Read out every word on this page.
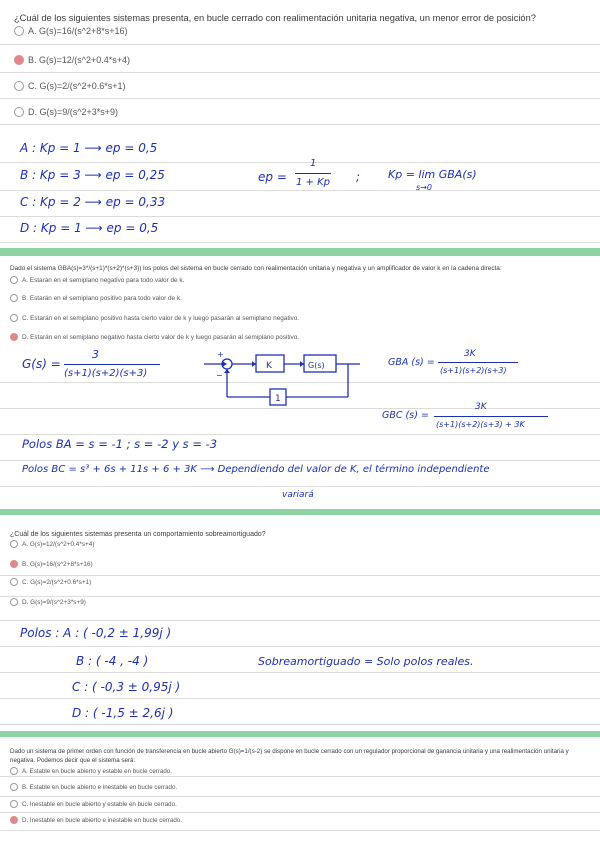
¿Cuál de los siguientes sistemas presenta, en bucle cerrado con realimentación unitaria negativa, un menor error de posición?
A. G(s)=16/(s^2+8*s+16)
B. G(s)=12/(s^2+0.4*s+4)
C. G(s)=2/(s^2+0.6*s+1)
D. G(s)=9/(s^2+3*s+9)
A : Kp = 1 ⟶ ep = 0,5
B : Kp = 3 ⟶ ep = 0,25
C : Kp = 2 ⟶ ep = 0,33
D : Kp = 1 ⟶ ep = 0,5
ep =
1
1 + Kp ;	Kp = lim GBA(s)
s→0
Dado el sistema GBA(s)=3*/(s+1)*(s+2)*(s+3)) los polos del sistema en bucle cerrado con realimentación unitaria y negativa y un amplificador de valor k en la cadena directa:
A. Estarán en el semiplano negativo para todo valor de k.
B. Estarán en el semiplano positivo para todo valor de k.
C. Estarán en el semiplano positivo hasta cierto valor de k y luego pasarán al semiplano negativo.
D. Estarán en el semiplano negativo hasta cierto valor de k y luego pasarán al semiplano positivo.
G(s) =
3
(s+1)(s+2)(s+3)
+
−
K	G(s)
1
GBA (s) =
3K
(s+1)(s+2)(s+3)
GBC (s) =
3K
(s+1)(s+2)(s+3) + 3K
Polos BA = s = -1 ; s = -2 y s = -3
Polos BC = s³ + 6s + 11s + 6 + 3K ⟶ Dependiendo del valor de K, el término independiente
variará
¿Cuál de los siguientes sistemas presenta un comportamiento sobreamortiguado?
A. G(s)=12/(s^2+0.4*s+4)
B. G(s)=16/(s^2+8*s+16)
C. G(s)=2/(s^2+0.6*s+1)
D. G(s)=9/(s^2+3*s+9)
Polos : A : ( -0,2 ± 1,99j )
B : ( -4 , -4 )
C : ( -0,3 ± 0,95j )
D : ( -1,5 ± 2,6j )
Sobreamortiguado = Solo polos reales.
Dado un sistema de primer orden con función de transferencia en bucle abierto G(s)=1/(s-2) se dispone en bucle cerrado con un regulador proporcional de ganancia unitaria y una realimentación unitaria y negativa. Podemos decir que el sistema será:
A. Estable en bucle abierto y estable en bucle cerrado.
B. Estable en bucle abierto e inestable en bucle cerrado.
C. Inestable en bucle abierto y estable en bucle cerrado.
D. Inestable en bucle abierto e inestable en bucle cerrado.
